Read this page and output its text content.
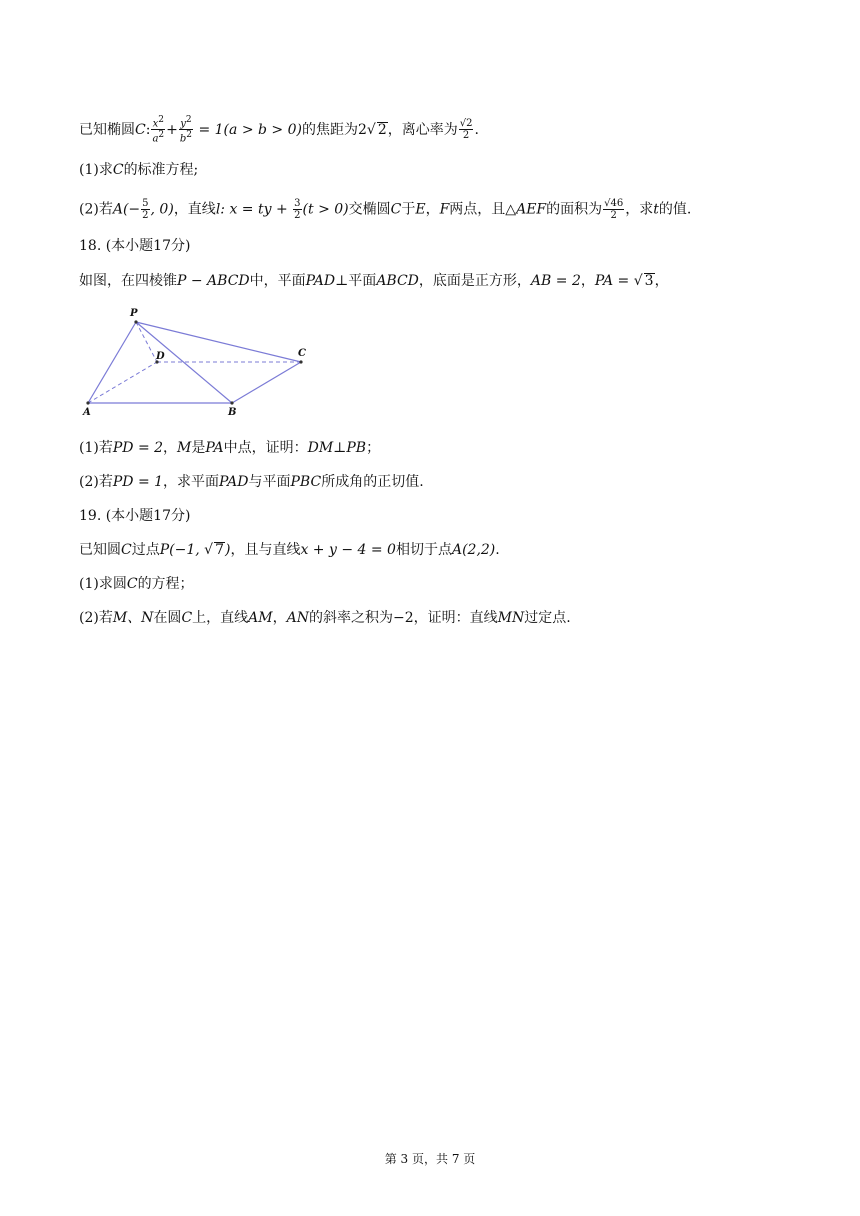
已知椭圆C: $\frac{x^2}{a^2} + \frac{y^2}{b^2} = 1(a > b > 0)$的焦距为2√ 2，离心率为 $\frac{√2}{2}$ .
(1)求C的标准方程;
(2)若$A(- \frac{5}{2}$ , 0)，直线l: x = ty + $\frac{3}{2} (t > 0)$交椭圆C于E，F两点，且△AEF的面积为 $\frac{√46}{2}$ ，求t的值.
18. (本小题17分)
如图，在四棱锥P − ABCD中，平面PAD⊥平面ABCD，底面是正方形，AB = 2，PA = √ 3，
P
D	C
A	B
(1)若PD = 2，M是PA中点，证明：DM⊥PB；
(2)若PD = 1，求平面PAD与平面PBC所成角的正切值.
19. (本小题17分)
已知圆C过点P(−1, √ 7)，且与直线x + y − 4 = 0相切于点A(2,2).
(1)求圆C的方程；
(2)若M、N在圆C上，直线AM，AN的斜率之积为−2，证明：直线MN过定点.
第 3 页，共 7 页
